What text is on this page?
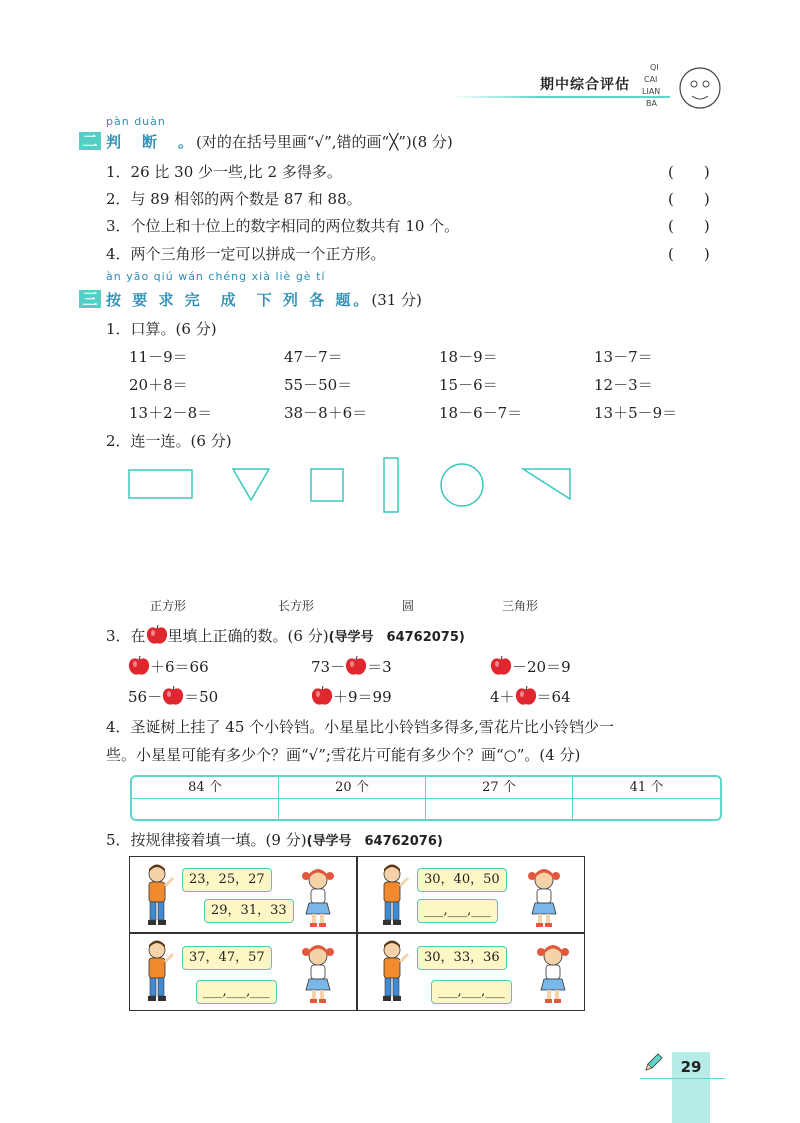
期中综合评估
QI
CAI
LIAN
BA
pàn duàn
二 判　断　。(对的在括号里画“√”,错的画“╳”)(8 分)
1．26 比 30 少一些,比 2 多得多。	(　　)
2．与 89 相邻的两个数是 87 和 88。	(　　)
3．个位上和十位上的数字相同的两位数共有 10 个。	(　　)
4．两个三角形一定可以拼成一个正方形。	(　　)
àn yāo qiú wán chéng xià liè gè tí
三 按 要 求 完　成　下 列 各 题。(31 分)
1．口算。(6 分)
11－9＝	47－7＝	18－9＝	13－7＝
20＋8＝	55－50＝	15－6＝	12－3＝
13＋2－8＝	38－8＋6＝	18－6－7＝	13＋5－9＝
2．连一连。(6 分)
正方形	长方形	圆	三角形
3．在 里填上正确的数。(6 分)(导学号　64762075)
＋6＝66	73－ ＝3	－20＝9
56－ ＝50	＋9＝99	4＋ ＝64
4．圣诞树上挂了 45 个小铃铛。小星星比小铃铛多得多,雪花片比小铃铛少一
些。小星星可能有多少个？画“√”;雪花片可能有多少个？画“○”。(4 分)
84 个	20 个	27 个	41 个
5．按规律接着填一填。(9 分)(导学号　64762076)
23，25，27
29，31，33
30，40，50
___,___,___
37，47，57
___,___,___
30，33，36
___,___,___
29
